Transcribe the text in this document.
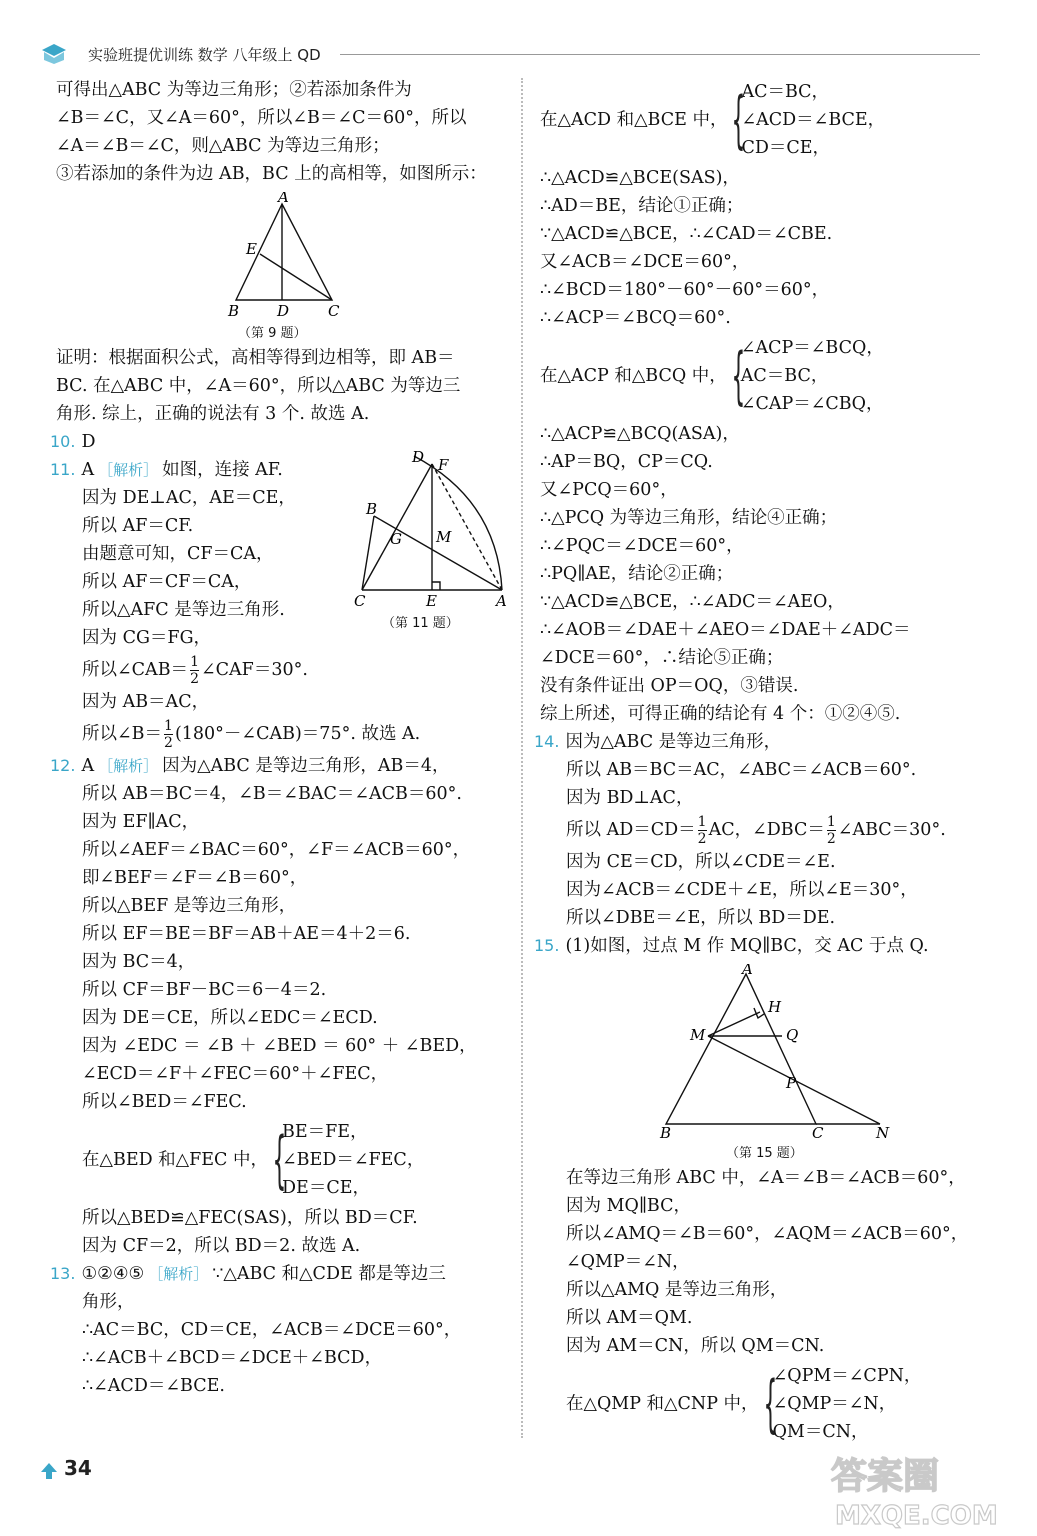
实验班提优训练 数学 八年级上 QD
可得出△ABC 为等边三角形；②若添加条件为
∠B＝∠C，又∠A＝60°，所以∠B＝∠C＝60°，所以
∠A＝∠B＝∠C，则△ABC 为等边三角形；
③若添加的条件为边 AB，BC 上的高相等，如图所示：
A
E
B	D	C
（第 9 题）
证明：根据面积公式，高相等得到边相等，即 AB＝
BC. 在△ABC 中，∠A＝60°，所以△ABC 为等边三
角形. 综上，正确的说法有 3 个. 故选 A.
10. D
11. A ［解析］ 如图，连接 AF.
因为 DE⊥AC，AE＝CE，
所以 AF＝CF.
由题意可知，CF＝CA，
所以 AF＝CF＝CA，
所以△AFC 是等边三角形.
因为 CG＝FG，
所以∠CAB＝ $\frac{1}{2}$ ∠CAF＝30°.
因为 AB＝AC，
所以∠B＝ $\frac{1}{2}$ (180°－∠CAB)＝75°. 故选 A.
D F
B
G M
C	E	A
（第 11 题）
12. A ［解析］ 因为△ABC 是等边三角形，AB＝4，
所以 AB＝BC＝4，∠B＝∠BAC＝∠ACB＝60°.
因为 EF∥AC，
所以∠AEF＝∠BAC＝60°，∠F＝∠ACB＝60°，
即∠BEF＝∠F＝∠B＝60°，
所以△BEF 是等边三角形，
所以 EF＝BE＝BF＝AB＋AE＝4＋2＝6.
因为 BC＝4，
所以 CF＝BF－BC＝6－4＝2.
因为 DE＝CE，所以∠EDC＝∠ECD.
因为 ∠EDC ＝ ∠B ＋ ∠BED ＝ 60° ＋ ∠BED，
∠ECD＝∠F＋∠FEC＝60°＋∠FEC，
所以∠BED＝∠FEC.
在△BED 和△FEC 中， {
BE＝FE，
∠BED＝∠FEC，
DE＝CE，
所以△BED≌△FEC(SAS)，所以 BD＝CF.
因为 CF＝2，所以 BD＝2. 故选 A.
13. ①②④⑤ ［解析］ ∵△ABC 和△CDE 都是等边三
角形，
∴AC＝BC，CD＝CE，∠ACB＝∠DCE＝60°，
∴∠ACB＋∠BCD＝∠DCE＋∠BCD，
∴∠ACD＝∠BCE.
在△ACD 和△BCE 中， {
AC＝BC，
∠ACD＝∠BCE，
CD＝CE，
∴△ACD≌△BCE(SAS)，
∴AD＝BE，结论①正确；
∵△ACD≌△BCE，∴∠CAD＝∠CBE.
又∠ACB＝∠DCE＝60°，
∴∠BCD＝180°－60°－60°＝60°，
∴∠ACP＝∠BCQ＝60°.
在△ACP 和△BCQ 中， {
∠ACP＝∠BCQ，
AC＝BC，
∠CAP＝∠CBQ，
∴△ACP≌△BCQ(ASA)，
∴AP＝BQ，CP＝CQ.
又∠PCQ＝60°，
∴△PCQ 为等边三角形，结论④正确；
∴∠PQC＝∠DCE＝60°，
∴PQ∥AE，结论②正确；
∵△ACD≌△BCE，∴∠ADC＝∠AEO，
∴∠AOB＝∠DAE＋∠AEO＝∠DAE＋∠ADC＝
∠DCE＝60°，∴结论⑤正确；
没有条件证出 OP＝OQ，③错误.
综上所述，可得正确的结论有 4 个：①②④⑤.
14. 因为△ABC 是等边三角形，
所以 AB＝BC＝AC，∠ABC＝∠ACB＝60°.
因为 BD⊥AC，
所以 $AD=CD= \frac{1}{2}$ AC，∠DBC＝ $\frac{1}{2}$ ∠ABC＝30°.
因为 CE＝CD，所以∠CDE＝∠E.
因为∠ACB＝∠CDE＋∠E，所以∠E＝30°，
所以∠DBE＝∠E，所以 BD＝DE.
15. (1)如图，过点 M 作 MQ∥BC，交 AC 于点 Q.
A
H
M	Q
P
B	C	N
（第 15 题）
在等边三角形 ABC 中，∠A＝∠B＝∠ACB＝60°，
因为 MQ∥BC，
所以∠AMQ＝∠B＝60°，∠AQM＝∠ACB＝60°，
∠QMP＝∠N，
所以△AMQ 是等边三角形，
所以 AM＝QM.
因为 AM＝CN，所以 QM＝CN.
在△QMP 和△CNP 中， {
∠QPM＝∠CPN，
∠QMP＝∠N，
QM＝CN，
34	答案圈
MXQE.COM
